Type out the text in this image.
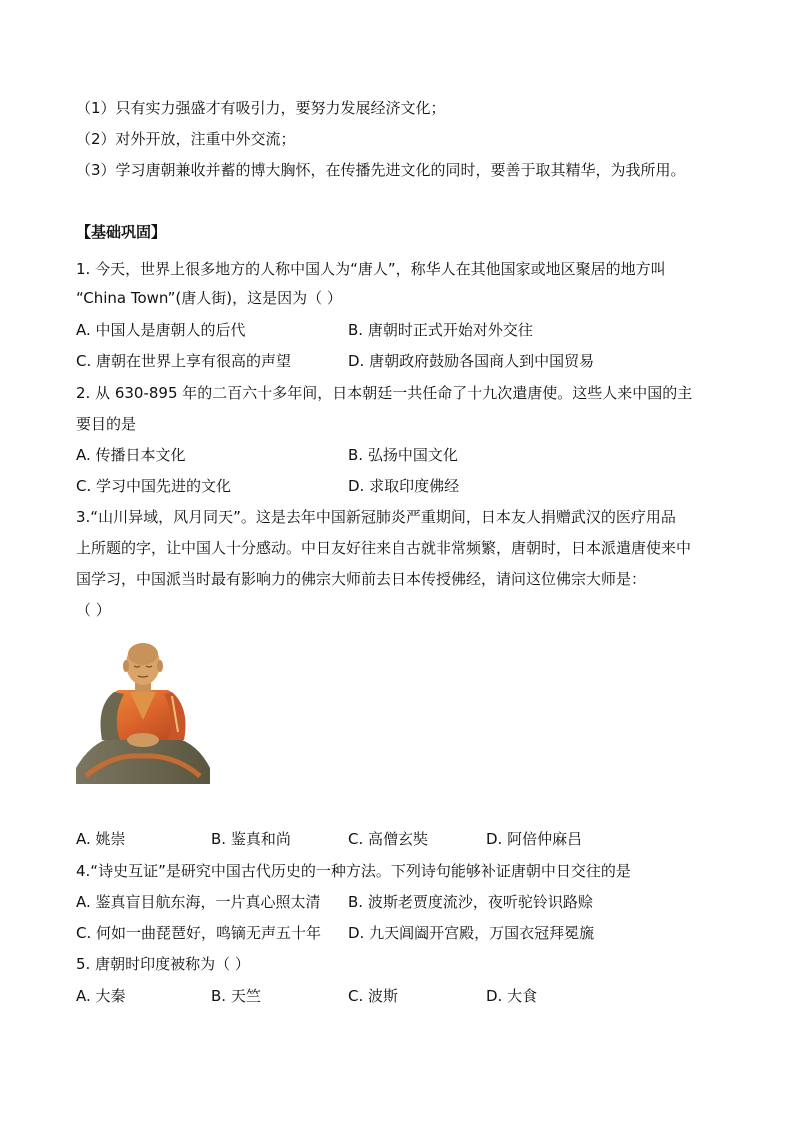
（1）只有实力强盛才有吸引力，要努力发展经济文化；
（2）对外开放，注重中外交流；
（3）学习唐朝兼收并蓄的博大胸怀，在传播先进文化的同时，要善于取其精华，为我所用。
【基础巩固】
1. 今天，世界上很多地方的人称中国人为“唐人”，称华人在其他国家或地区聚居的地方叫
“China Town”(唐人街)，这是因为（ ）
A. 中国人是唐朝人的后代	B. 唐朝时正式开始对外交往
C. 唐朝在世界上享有很高的声望	D. 唐朝政府鼓励各国商人到中国贸易
2. 从 630-895 年的二百六十多年间，日本朝廷一共任命了十九次遣唐使。这些人来中国的主
要目的是
A. 传播日本文化	B. 弘扬中国文化
C. 学习中国先进的文化	D. 求取印度佛经
3.“山川异域，风月同天”。这是去年中国新冠肺炎严重期间，日本友人捐赠武汉的医疗用品
上所题的字，让中国人十分感动。中日友好往来自古就非常频繁，唐朝时，日本派遣唐使来中
国学习，中国派当时最有影响力的佛宗大师前去日本传授佛经，请问这位佛宗大师是：
（ ）
A. 姚崇	B. 鉴真和尚	C. 高僧玄奘	D. 阿倍仲麻吕
4.“诗史互证”是研究中国古代历史的一种方法。下列诗句能够补证唐朝中日交往的是
A. 鉴真盲目航东海，一片真心照太清 B. 波斯老贾度流沙，夜听驼铃识路赊
C. 何如一曲琵琶好，鸣镝无声五十年 D. 九天阊阖开宫殿，万国衣冠拜冕旒
5. 唐朝时印度被称为（ ）
A. 大秦	B. 天竺	C. 波斯	D. 大食
